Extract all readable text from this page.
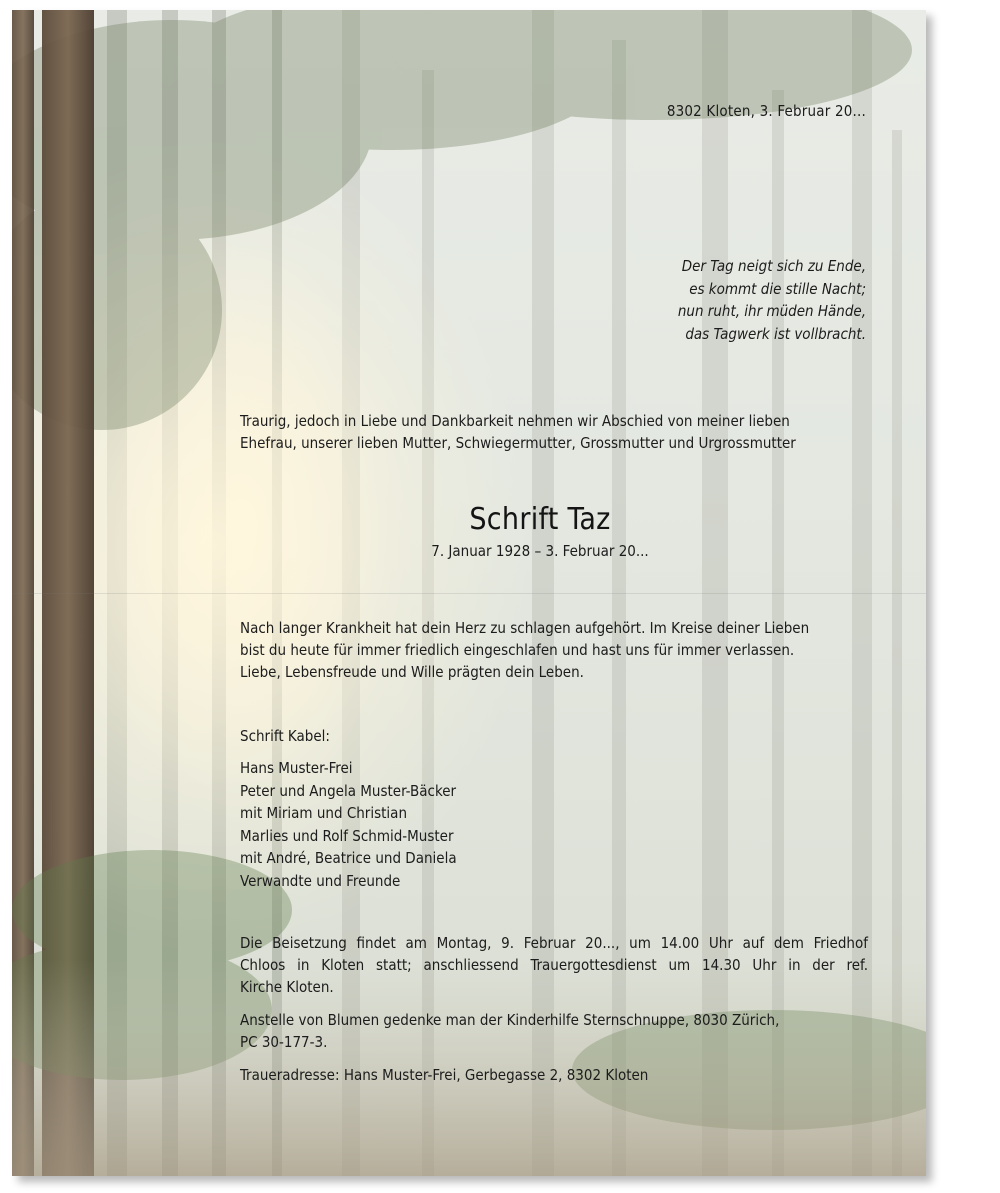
8302 Kloten, 3. Februar 20...
Der Tag neigt sich zu Ende,
es kommt die stille Nacht;
nun ruht, ihr müden Hände,
das Tagwerk ist vollbracht.
Traurig, jedoch in Liebe und Dankbarkeit nehmen wir Abschied von meiner lieben
Ehefrau, unserer lieben Mutter, Schwiegermutter, Grossmutter und Urgrossmutter
Schrift Taz
7. Januar 1928 – 3. Februar 20...
Nach langer Krankheit hat dein Herz zu schlagen aufgehört. Im Kreise deiner Lieben
bist du heute für immer friedlich eingeschlafen und hast uns für immer verlassen.
Liebe, Lebensfreude und Wille prägten dein Leben.
Schrift Kabel:
Hans Muster-Frei
Peter und Angela Muster-Bäcker
mit Miriam und Christian
Marlies und Rolf Schmid-Muster
mit André, Beatrice und Daniela
Verwandte und Freunde
Die Beisetzung findet am Montag, 9. Februar 20..., um 14.00 Uhr auf dem Friedhof
Chloos in Kloten statt; anschliessend Trauergottesdienst um 14.30 Uhr in der ref.
Kirche Kloten.
Anstelle von Blumen gedenke man der Kinderhilfe Sternschnuppe, 8030 Zürich,
PC 30-177-3.
Traueradresse: Hans Muster-Frei, Gerbegasse 2, 8302 Kloten
